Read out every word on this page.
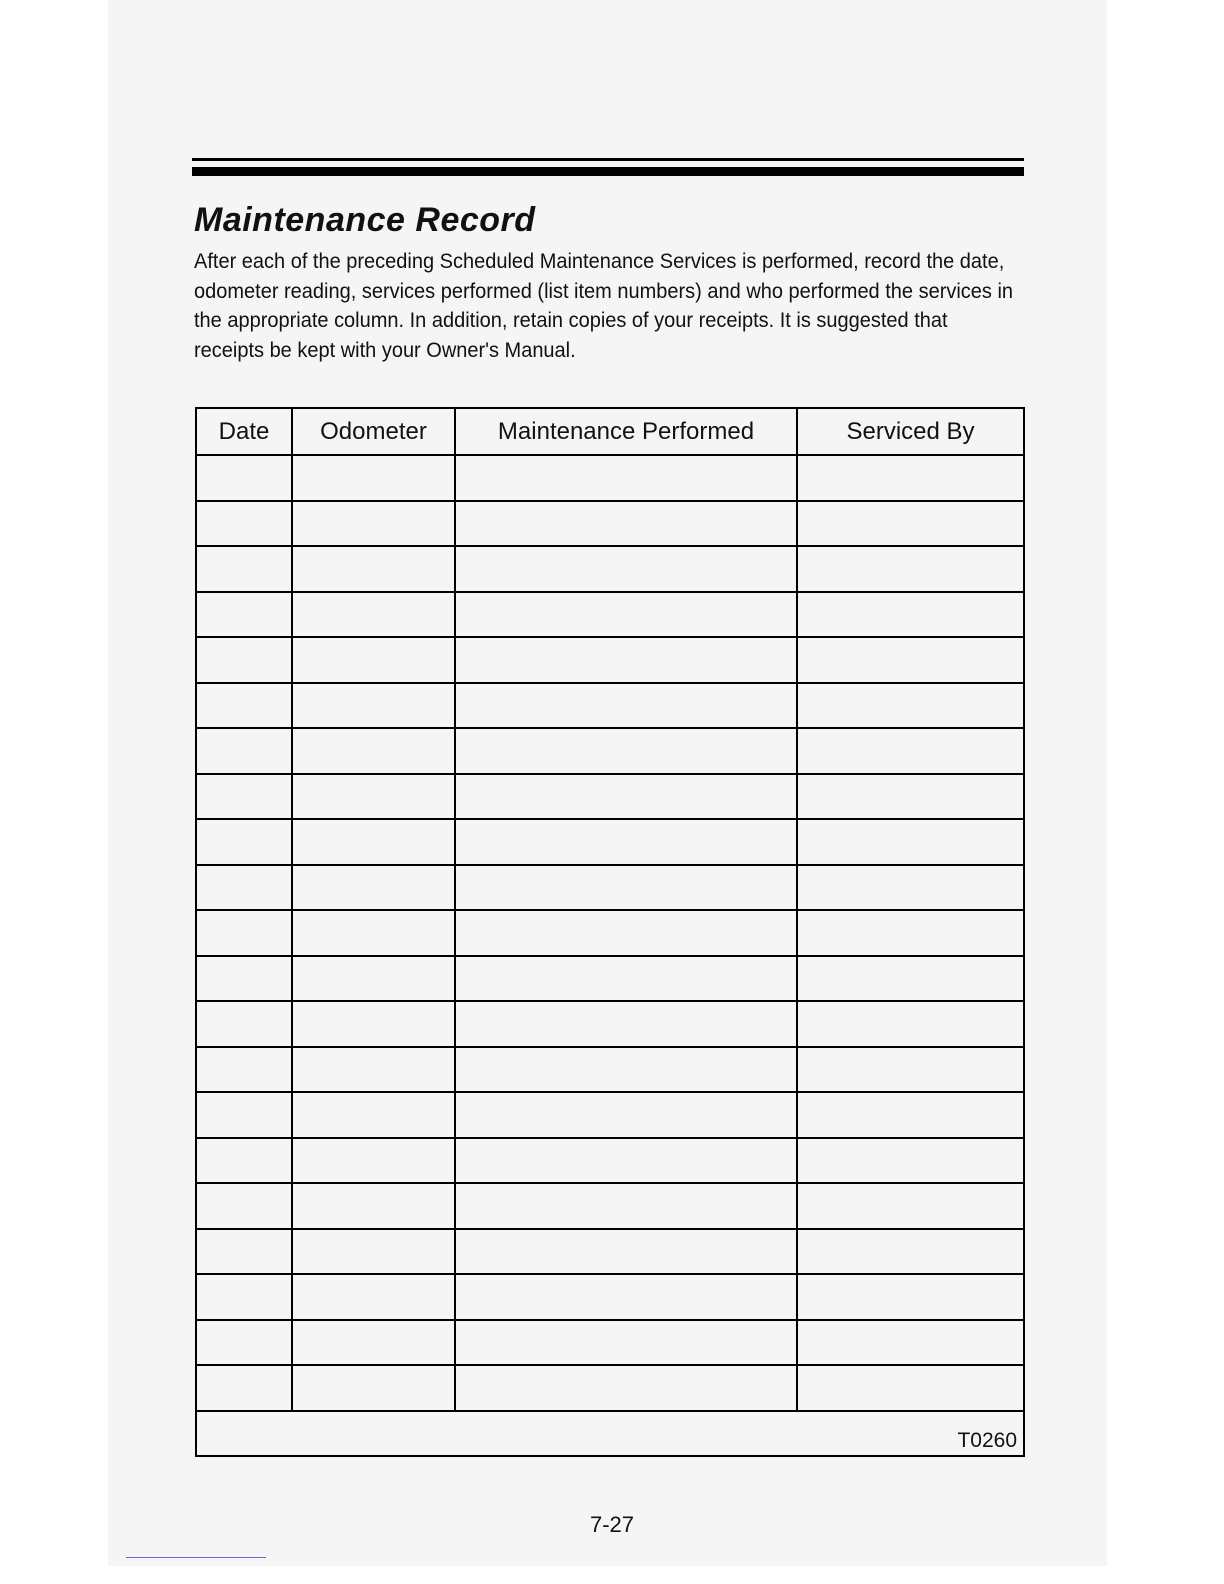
Maintenance Record

After each of the preceding Scheduled Maintenance Services is performed, record the date, odometer reading, services performed (list item numbers) and who performed the services in the appropriate column. In addition, retain copies of your receipts. It is suggested that receipts be kept with your Owner's Manual.

Date	Odometer	Maintenance Performed	Serviced By

T0260			
7-27
